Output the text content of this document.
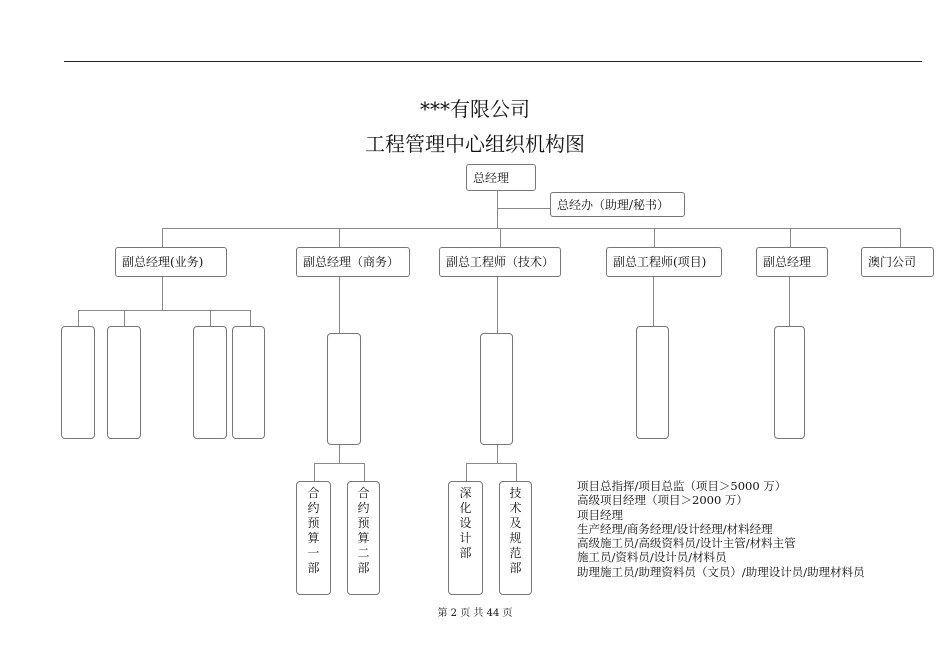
***有限公司
工程管理中心组织机构图
总经理
总经办（助理/秘书）
副总经理(业务)	副总经理（商务）	副总工程师（技术）	副总工程师(项目)	副总经理	澳门公司
合
约
预
算
一
部
合
约
预
算
二
部
深
化
设
计
部
技
术
及
规
范
部
项目总指挥/项目总监（项目＞5000 万）
高级项目经理（项目＞2000 万）
项目经理
生产经理/商务经理/设计经理/材料经理
高级施工员/高级资料员/设计主管/材料主管
施工员/资料员/设计员/材料员
助理施工员/助理资料员（文员）/助理设计员/助理材料员
第 2 页 共 44 页
